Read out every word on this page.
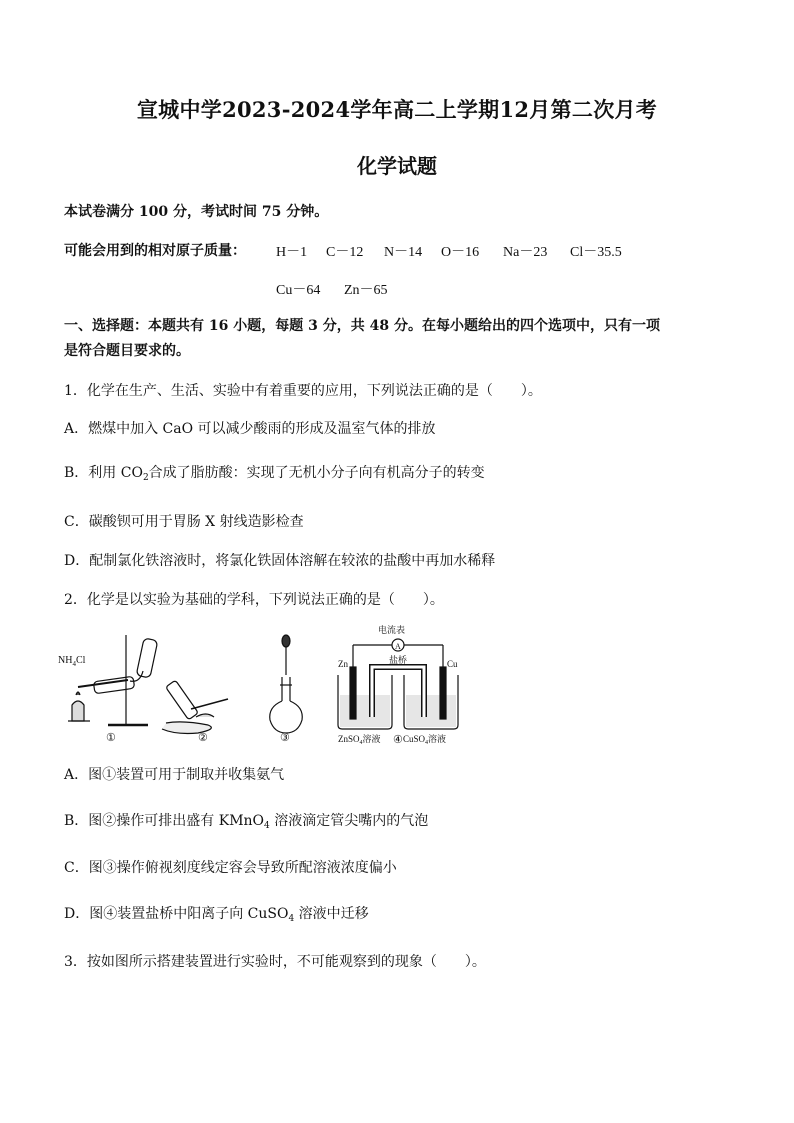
宣城中学2023-2024学年高二上学期12月第二次月考
化学试题
本试卷满分 100 分，考试时间 75 分钟。
可能会用到的相对原子质量： H－1 C－12 N－14 O－16 Na－23 Cl－35.5
Cu－64 Zn－65
一、选择题：本题共有 16 小题，每题 3 分，共 48 分。在每小题给出的四个选项中，只有一项
是符合题目要求的。
1．化学在生产、生活、实验中有着重要的应用，下列说法正确的是（　　）。
A．燃煤中加入 CaO 可以减少酸雨的形成及温室气体的排放
B．利用 $CO_2$合成了脂肪酸：实现了无机小分子向有机高分子的转变
C．碳酸钡可用于胃肠 X 射线造影检查
D．配制氯化铁溶液时，将氯化铁固体溶解在较浓的盐酸中再加水稀释
2．化学是以实验为基础的学科，下列说法正确的是（　　）。
$NH_4Cl$
①	②	③
A
电流表
盐桥
Zn	Cu
ZnSO$_4$溶液 CuSO$_4$溶液
④
A．图①装置可用于制取并收集氨气
B．图②操作可排出盛有 KMnO$_4$ 溶液滴定管尖嘴内的气泡
C．图③操作俯视刻度线定容会导致所配溶液浓度偏小
D．图④装置盐桥中阳离子向 CuSO$_4$ 溶液中迁移
3．按如图所示搭建装置进行实验时，不可能观察到的现象（　　）。
